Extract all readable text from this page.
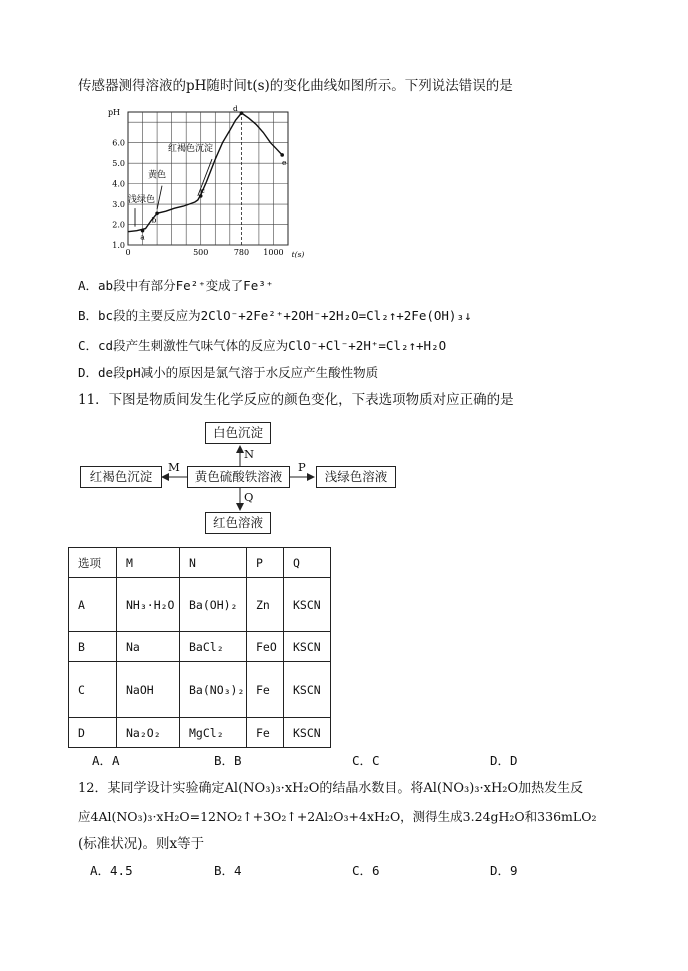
传感器测得溶液的pH随时间t(s)的变化曲线如图所示。下列说法错误的是
1.0
2.0
3.0
4.0
5.0
6.0
0	500	780 1000
pH
t(s)
a
b
c
d
e
浅绿色
黄色
红褐色沉淀
A．ab段中有部分Fe²⁺变成了Fe³⁺
B．bc段的主要反应为2ClO⁻+2Fe²⁺+2OH⁻+2H₂O=Cl₂↑+2Fe(OH)₃↓
C．cd段产生刺激性气味气体的反应为ClO⁻+Cl⁻+2H⁺=Cl₂↑+H₂O
D．de段pH减小的原因是氯气溶于水反应产生酸性物质
11．下图是物质间发生化学反应的颜色变化，下表选项物质对应正确的是
白色沉淀
黄色硫酸铁溶液
红褐色沉淀	浅绿色溶液
红色溶液
N
M	P
Q
选项	M	N	P	Q
A	NH₃·H₂O	Ba(OH)₂	Zn	KSCN
B	Na	BaCl₂	FeO	KSCN
C	NaOH	Ba(NO₃)₂	Fe	KSCN
D	Na₂O₂	MgCl₂	Fe	KSCN
A．A	B．B	C．C	D．D
12．某同学设计实验确定Al(NO₃)₃·xH₂O的结晶水数目。将Al(NO₃)₃·xH₂O加热发生反
应4Al(NO₃)₃·xH₂O=12NO₂↑+3O₂↑+2Al₂O₃+4xH₂O，测得生成3.24gH₂O和336mLO₂
(标准状况)。则x等于
A．4.5	B．4	C．6	D．9
